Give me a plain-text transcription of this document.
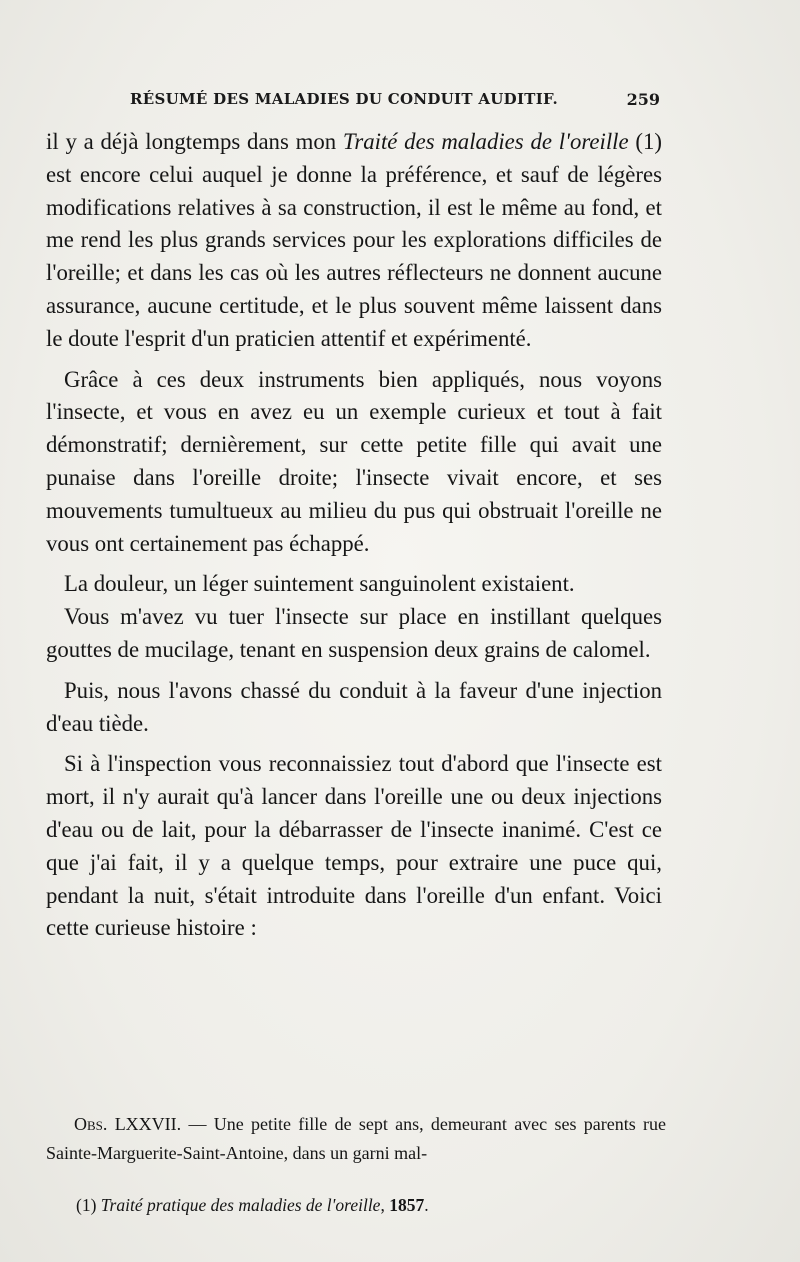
RÉSUMÉ DES MALADIES DU CONDUIT AUDITIF.	259

il y a déjà longtemps dans mon Traité des maladies de l'oreille (1) est encore celui auquel je donne la préférence, et sauf de légères modifications relatives à sa construction, il est le même au fond, et me rend les plus grands services pour les explorations difficiles de l'oreille; et dans les cas où les autres réflecteurs ne donnent aucune assurance, aucune certitude, et le plus souvent même laissent dans le doute l'esprit d'un praticien attentif et expérimenté.

Grâce à ces deux instruments bien appliqués, nous voyons l'insecte, et vous en avez eu un exemple curieux et tout à fait démonstratif; dernièrement, sur cette petite fille qui avait une punaise dans l'oreille droite; l'insecte vivait encore, et ses mouvements tumultueux au milieu du pus qui obstruait l'oreille ne vous ont certainement pas échappé.

La douleur, un léger suintement sanguinolent existaient.

Vous m'avez vu tuer l'insecte sur place en instillant quelques gouttes de mucilage, tenant en suspension deux grains de calomel.

Puis, nous l'avons chassé du conduit à la faveur d'une injection d'eau tiède.

Si à l'inspection vous reconnaissiez tout d'abord que l'insecte est mort, il n'y aurait qu'à lancer dans l'oreille une ou deux injections d'eau ou de lait, pour la débarrasser de l'insecte inanimé. C'est ce que j'ai fait, il y a quelque temps, pour extraire une puce qui, pendant la nuit, s'était introduite dans l'oreille d'un enfant. Voici cette curieuse histoire :

Obs. LXXVII. — Une petite fille de sept ans, demeurant avec ses parents rue Sainte-Marguerite-Saint-Antoine, dans un garni mal-
(1) Traité pratique des maladies de l'oreille, 1857.
